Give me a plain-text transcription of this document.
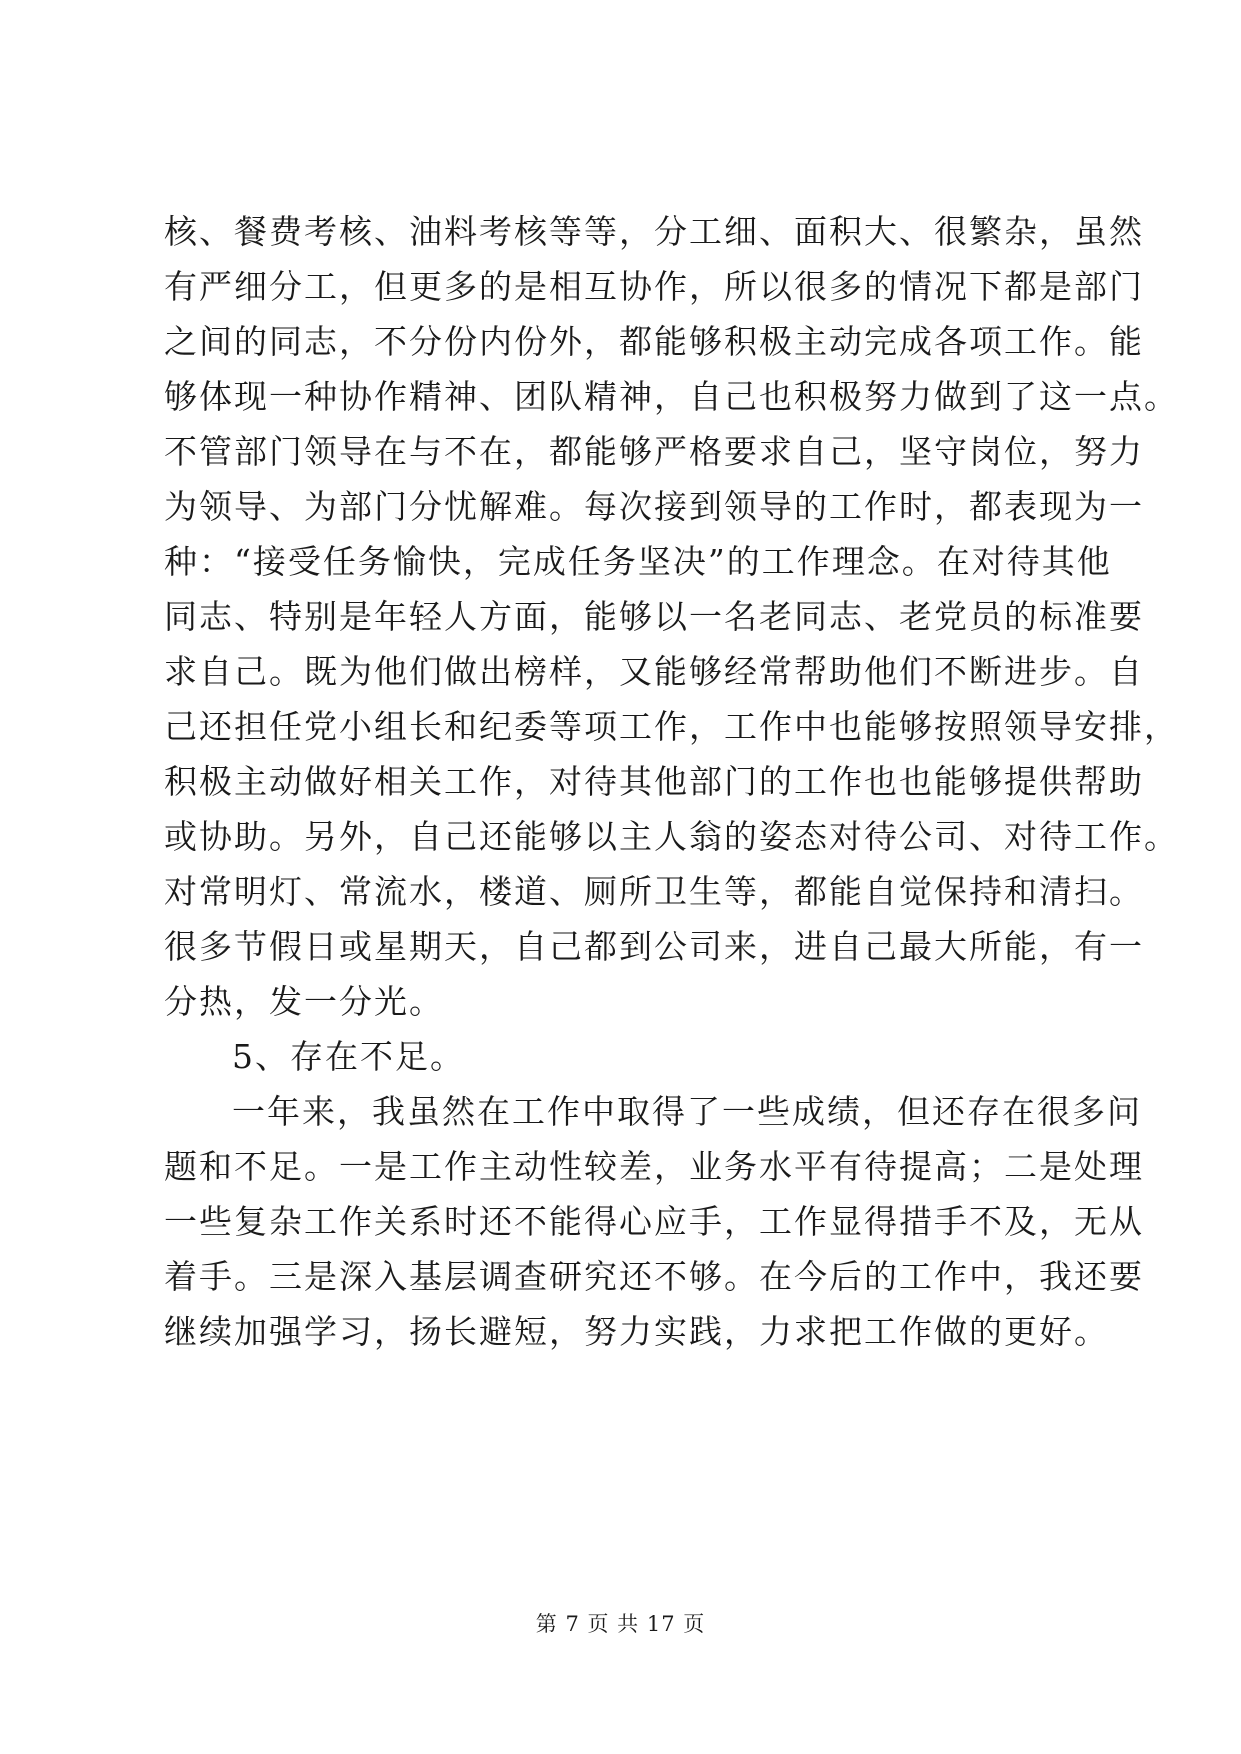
核、餐费考核、油料考核等等，分工细、面积大、很繁杂，虽然
有严细分工，但更多的是相互协作，所以很多的情况下都是部门
之间的同志，不分份内份外，都能够积极主动完成各项工作。能
够体现一种协作精神、团队精神，自己也积极努力做到了这一点。
不管部门领导在与不在，都能够严格要求自己，坚守岗位，努力
为领导、为部门分忧解难。每次接到领导的工作时，都表现为一
种：“接受任务愉快，完成任务坚决”的工作理念。在对待其他
同志、特别是年轻人方面，能够以一名老同志、老党员的标准要
求自己。既为他们做出榜样，又能够经常帮助他们不断进步。自
己还担任党小组长和纪委等项工作，工作中也能够按照领导安排，
积极主动做好相关工作，对待其他部门的工作也也能够提供帮助
或协助。另外，自己还能够以主人翁的姿态对待公司、对待工作。
对常明灯、常流水，楼道、厕所卫生等，都能自觉保持和清扫。
很多节假日或星期天，自己都到公司来，进自己最大所能，有一
分热，发一分光。
5、存在不足。
一年来，我虽然在工作中取得了一些成绩，但还存在很多问
题和不足。一是工作主动性较差，业务水平有待提高；二是处理
一些复杂工作关系时还不能得心应手，工作显得措手不及，无从
着手。三是深入基层调查研究还不够。在今后的工作中，我还要
继续加强学习，扬长避短，努力实践，力求把工作做的更好。
第 7 页 共 17 页
